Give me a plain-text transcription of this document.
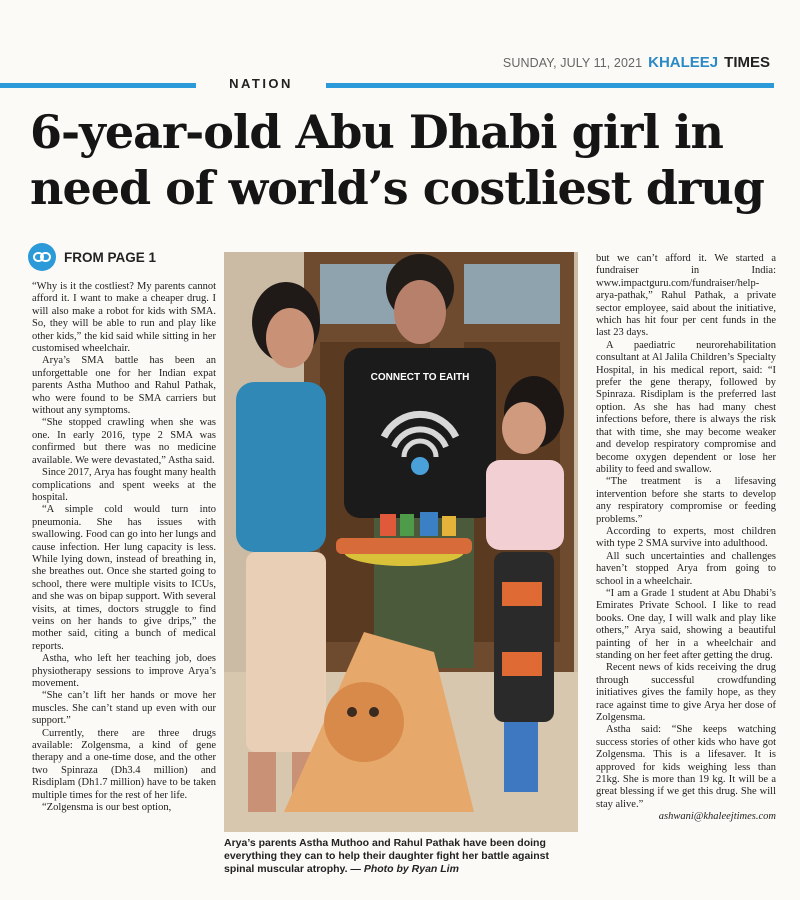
SUNDAY, JULY 11, 2021 KHALEEJ TIMES
NATION
6-year-old Abu Dhabi girl in
need of world’s costliest drug
FROM PAGE 1

“Why is it the costliest? My parents cannot afford it. I want to make a cheaper drug. I will also make a robot for kids with SMA. So, they will be able to run and play like other kids,” the kid said while sitting in her customised wheelchair.

Arya’s SMA battle has been an unforgettable one for her Indian expat parents Astha Muthoo and Rahul Pathak, who were found to be SMA carriers but without any symptoms.

“She stopped crawling when she was one. In early 2016, type 2 SMA was confirmed but there was no medicine available. We were devastated,” Astha said.

Since 2017, Arya has fought many health complications and spent weeks at the hospital.

“A simple cold would turn into pneumonia. She has issues with swallowing. Food can go into her lungs and cause infection. Her lung capacity is less. While lying down, instead of breathing in, she breathes out. Once she started going to school, there were multiple visits to ICUs, and she was on bipap support. With several visits, at times, doctors struggle to find veins on her hands to give drips,” the mother said, citing a bunch of medical reports.

Astha, who left her teaching job, does physiotherapy sessions to improve Arya’s movement.

“She can’t lift her hands or move her muscles. She can’t stand up even with our support.”

Currently, there are three drugs available: Zolgensma, a kind of gene therapy and a one-time dose, and the other two Spinraza (Dh3.4 million) and Risdiplam (Dh1.7 million) have to be taken multiple times for the rest of her life.

“Zolgensma is our best option,

CONNECT TO EAITH
Arya’s parents Astha Muthoo and Rahul Pathak have been doing everything they can to help their daughter fight her battle against spinal muscular atrophy. — Photo by Ryan Lim

but we can’t afford it. We started a fundraiser in India: www.impactguru.com/fundraiser/help-arya-pathak,” Rahul Pathak, a private sector employee, said about the initiative, which has hit four per cent funds in the last 23 days.

A paediatric neurorehabilitation consultant at Al Jalila Children’s Specialty Hospital, in his medical report, said: “I prefer the gene therapy, followed by Spinraza. Risdiplam is the preferred last option. As she has had many chest infections before, there is always the risk that with time, she may become weaker and develop respiratory compromise and become oxygen dependent or lose her ability to feed and swallow.

“The treatment is a lifesaving intervention before she starts to develop any respiratory compromise or feeding problems.”

According to experts, most children with type 2 SMA survive into adulthood.

All such uncertainties and challenges haven’t stopped Arya from going to school in a wheelchair.

“I am a Grade 1 student at Abu Dhabi’s Emirates Private School. I like to read books. One day, I will walk and play like others,” Arya said, showing a beautiful painting of her in a wheelchair and standing on her feet after getting the drug.

Recent news of kids receiving the drug through successful crowdfunding initiatives gives the family hope, as they race against time to give Arya her dose of Zolgensma.

Astha said: “She keeps watching success stories of other kids who have got Zolgensma. This is a lifesaver. It is approved for kids weighing less than 21kg. She is more than 19 kg. It will be a great blessing if we get this drug. She will stay alive.”

ashwani@khaleejtimes.com
